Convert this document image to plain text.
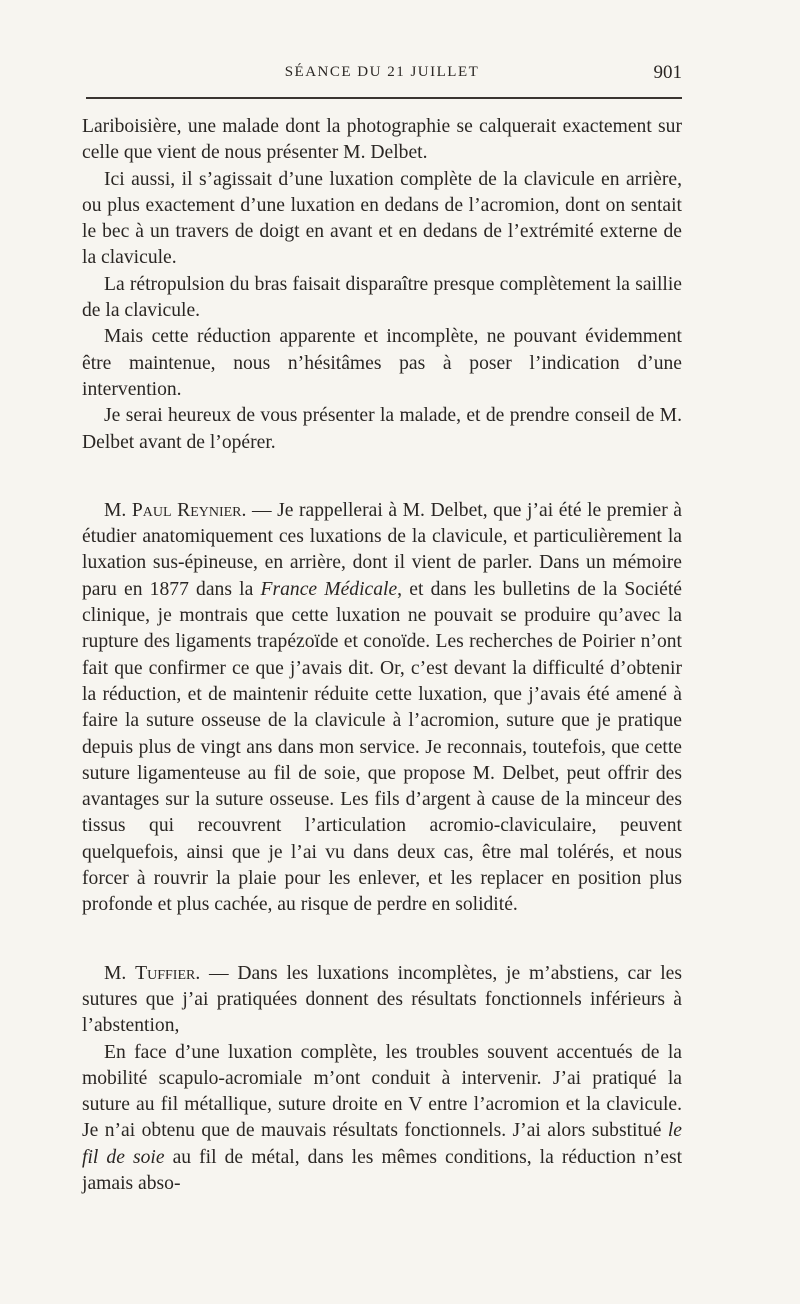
SÉANCE DU 21 JUILLET	901

Lariboisière, une malade dont la photographie se calquerait exactement sur celle que vient de nous présenter M. Delbet.

Ici aussi, il s’agissait d’une luxation complète de la clavicule en arrière, ou plus exactement d’une luxation en dedans de l’acromion, dont on sentait le bec à un travers de doigt en avant et en dedans de l’extrémité externe de la clavicule.

La rétropulsion du bras faisait disparaître presque complètement la saillie de la clavicule.

Mais cette réduction apparente et incomplète, ne pouvant évidemment être maintenue, nous n’hésitâmes pas à poser l’indication d’une intervention.

Je serai heureux de vous présenter la malade, et de prendre conseil de M. Delbet avant de l’opérer.

M. Paul Reynier. — Je rappellerai à M. Delbet, que j’ai été le premier à étudier anatomiquement ces luxations de la clavicule, et particulièrement la luxation sus-épineuse, en arrière, dont il vient de parler. Dans un mémoire paru en 1877 dans la France Médicale, et dans les bulletins de la Société clinique, je montrais que cette luxation ne pouvait se produire qu’avec la rupture des ligaments trapézoïde et conoïde. Les recherches de Poirier n’ont fait que confirmer ce que j’avais dit. Or, c’est devant la difficulté d’obtenir la réduction, et de maintenir réduite cette luxation, que j’avais été amené à faire la suture osseuse de la clavicule à l’acromion, suture que je pratique depuis plus de vingt ans dans mon service. Je reconnais, toutefois, que cette suture ligamenteuse au fil de soie, que propose M. Delbet, peut offrir des avantages sur la suture osseuse. Les fils d’argent à cause de la minceur des tissus qui recouvrent l’articulation acromio-claviculaire, peuvent quelquefois, ainsi que je l’ai vu dans deux cas, être mal tolérés, et nous forcer à rouvrir la plaie pour les enlever, et les replacer en position plus profonde et plus cachée, au risque de perdre en solidité.

M. Tuffier. — Dans les luxations incomplètes, je m’abstiens, car les sutures que j’ai pratiquées donnent des résultats fonctionnels inférieurs à l’abstention,

En face d’une luxation complète, les troubles souvent accentués de la mobilité scapulo-acromiale m’ont conduit à intervenir. J’ai pratiqué la suture au fil métallique, suture droite en V entre l’acromion et la clavicule. Je n’ai obtenu que de mauvais résultats fonctionnels. J’ai alors substitué le fil de soie au fil de métal, dans les mêmes conditions, la réduction n’est jamais abso-
